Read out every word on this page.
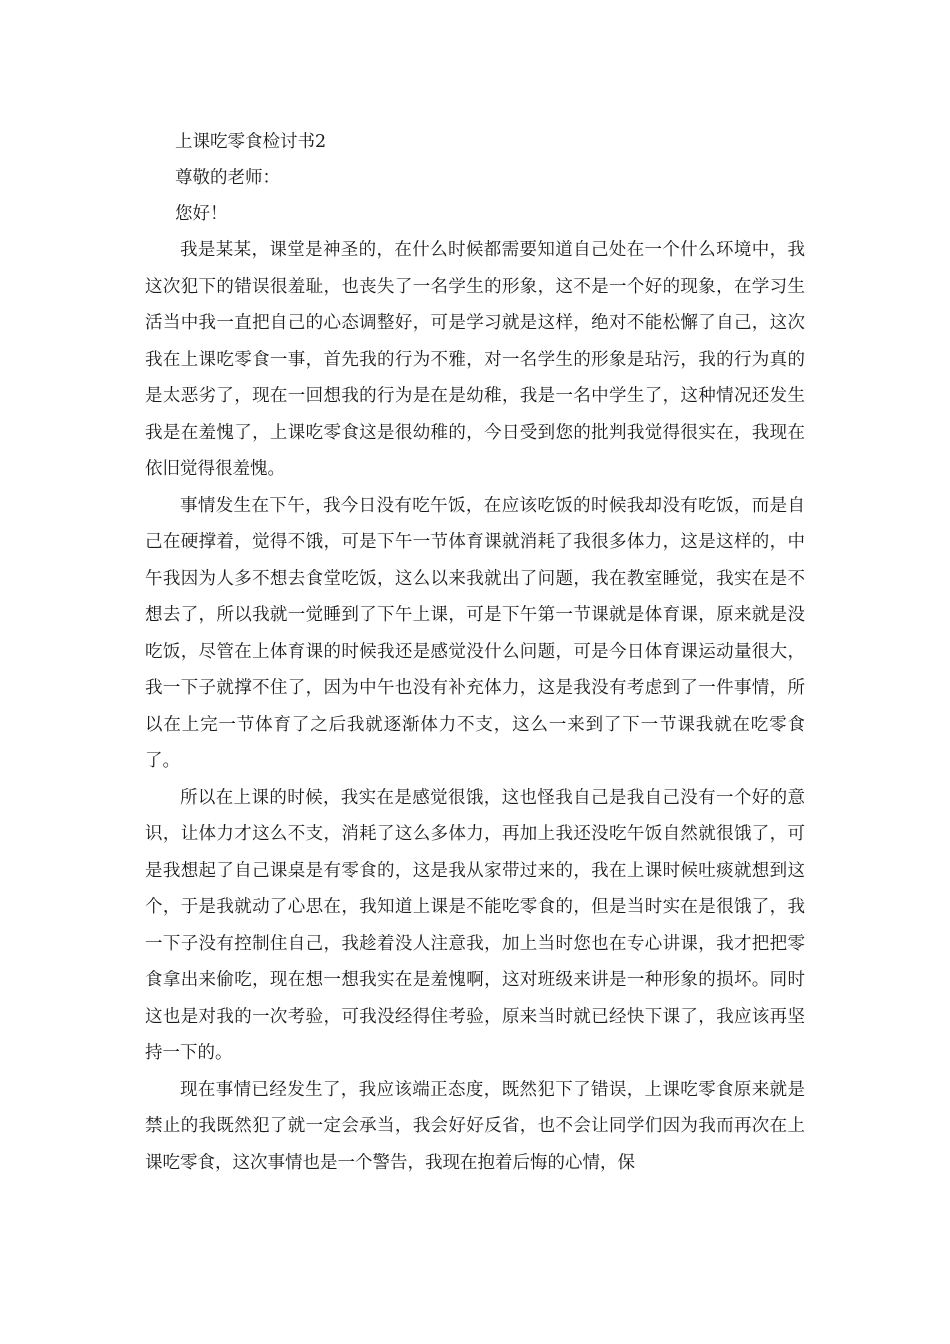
上课吃零食检讨书2

尊敬的老师：

您好！

我是某某，课堂是神圣的，在什么时候都需要知道自己处在一个什么环境中，我这次犯下的错误很羞耻，也丧失了一名学生的形象，这不是一个好的现象，在学习生活当中我一直把自己的心态调整好，可是学习就是这样，绝对不能松懈了自己，这次我在上课吃零食一事，首先我的行为不雅，对一名学生的形象是玷污，我的行为真的是太恶劣了，现在一回想我的行为是在是幼稚，我是一名中学生了，这种情况还发生我是在羞愧了，上课吃零食这是很幼稚的，今日受到您的批判我觉得很实在，我现在依旧觉得很羞愧。

事情发生在下午，我今日没有吃午饭，在应该吃饭的时候我却没有吃饭，而是自己在硬撑着，觉得不饿，可是下午一节体育课就消耗了我很多体力，这是这样的，中午我因为人多不想去食堂吃饭，这么以来我就出了问题，我在教室睡觉，我实在是不想去了，所以我就一觉睡到了下午上课，可是下午第一节课就是体育课，原来就是没吃饭，尽管在上体育课的时候我还是感觉没什么问题，可是今日体育课运动量很大，我一下子就撑不住了，因为中午也没有补充体力，这是我没有考虑到了一件事情，所以在上完一节体育了之后我就逐渐体力不支，这么一来到了下一节课我就在吃零食了。

所以在上课的时候，我实在是感觉很饿，这也怪我自己是我自己没有一个好的意识，让体力才这么不支，消耗了这么多体力，再加上我还没吃午饭自然就很饿了，可是我想起了自己课桌是有零食的，这是我从家带过来的，我在上课时候吐痰就想到这个，于是我就动了心思在，我知道上课是不能吃零食的，但是当时实在是很饿了，我一下子没有控制住自己，我趁着没人注意我，加上当时您也在专心讲课，我才把把零食拿出来偷吃，现在想一想我实在是羞愧啊，这对班级来讲是一种形象的损坏。同时这也是对我的一次考验，可我没经得住考验，原来当时就已经快下课了，我应该再坚持一下的。

现在事情已经发生了，我应该端正态度，既然犯下了错误，上课吃零食原来就是禁止的我既然犯了就一定会承当，我会好好反省，也不会让同学们因为我而再次在上课吃零食，这次事情也是一个警告，我现在抱着后悔的心情，保
